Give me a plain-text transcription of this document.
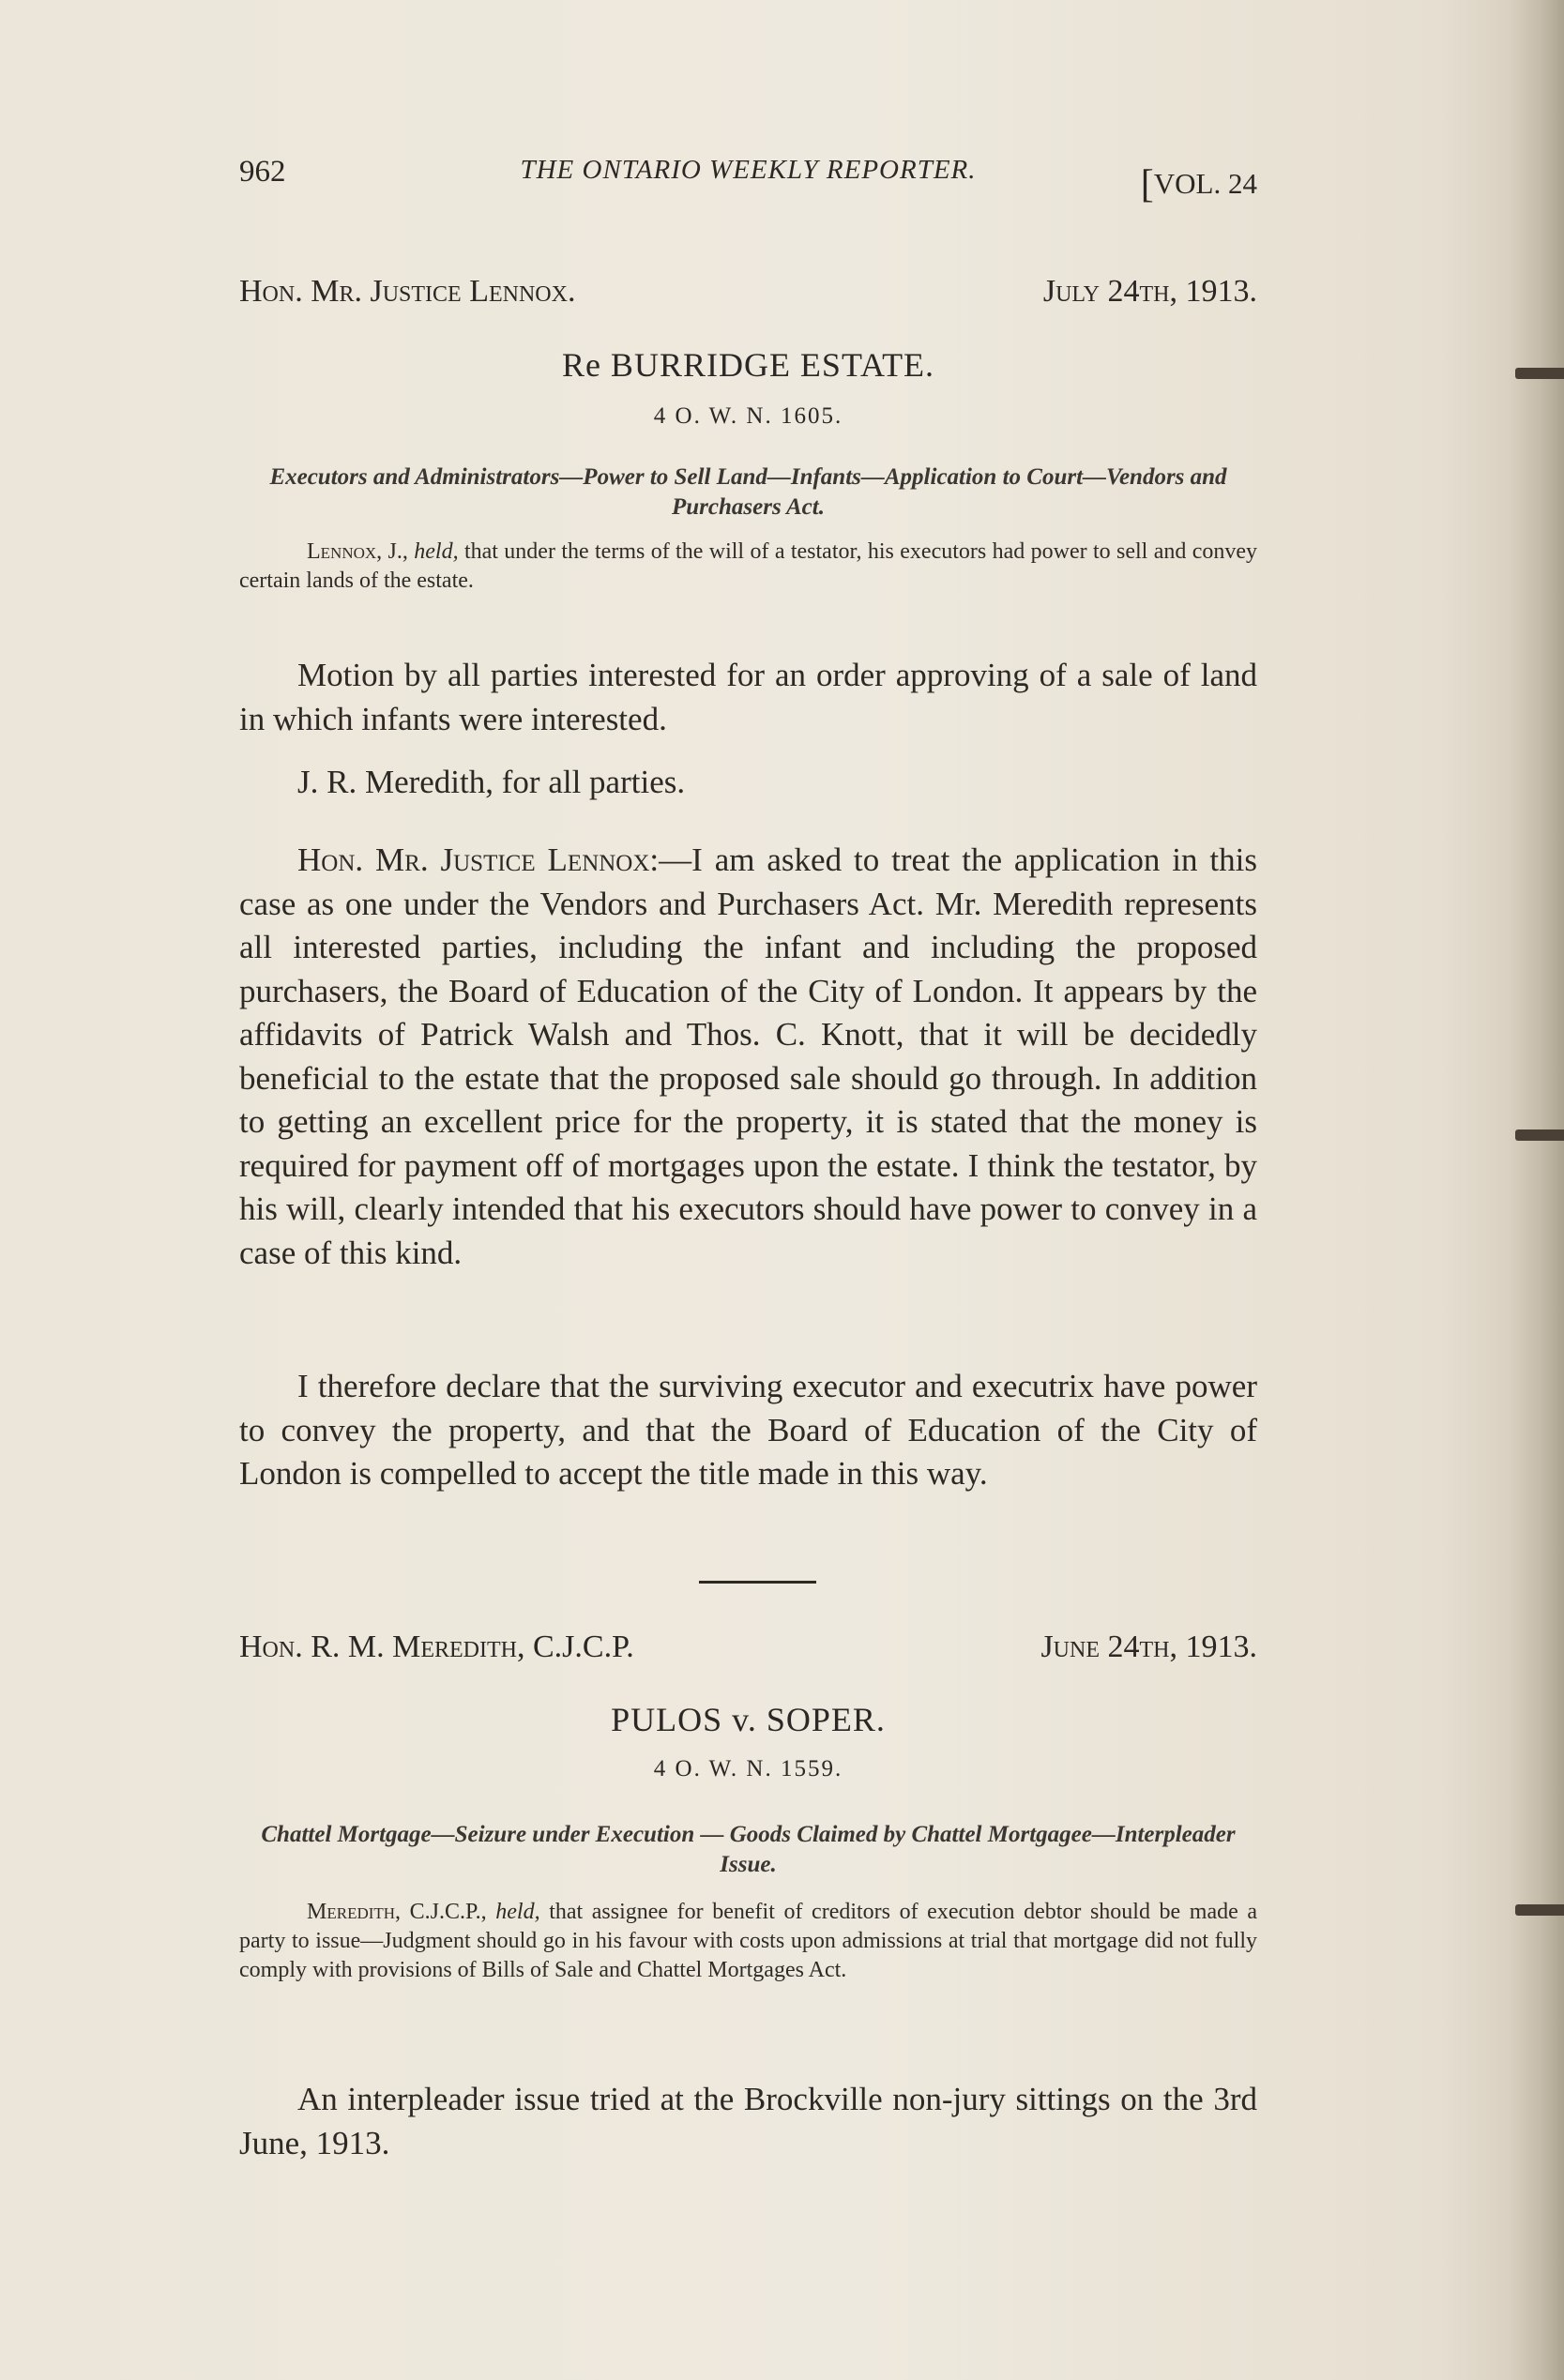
962	THE ONTARIO WEEKLY REPORTER.	[VOL. 24
Hon. Mr. Justice Lennox.	July 24th, 1913.
Re BURRIDGE ESTATE.
4 O. W. N. 1605.
Executors and Administrators—Power to Sell Land—Infants—Application to Court—Vendors and Purchasers Act.
Lennox, J., held, that under the terms of the will of a testator, his executors had power to sell and convey certain lands of the estate.
Motion by all parties interested for an order approving of a sale of land in which infants were interested.
J. R. Meredith, for all parties.
Hon. Mr. Justice Lennox:—I am asked to treat the application in this case as one under the Vendors and Purchasers Act. Mr. Meredith represents all interested parties, including the infant and including the proposed purchasers, the Board of Education of the City of London. It appears by the affidavits of Patrick Walsh and Thos. C. Knott, that it will be decidedly beneficial to the estate that the proposed sale should go through. In addition to getting an excellent price for the property, it is stated that the money is required for payment off of mortgages upon the estate. I think the testator, by his will, clearly intended that his executors should have power to convey in a case of this kind.
I therefore declare that the surviving executor and executrix have power to convey the property, and that the Board of Education of the City of London is compelled to accept the title made in this way.
Hon. R. M. Meredith, C.J.C.P.	June 24th, 1913.
PULOS v. SOPER.
4 O. W. N. 1559.
Chattel Mortgage—Seizure under Execution — Goods Claimed by Chattel Mortgagee—Interpleader Issue.
Meredith, C.J.C.P., held, that assignee for benefit of creditors of execution debtor should be made a party to issue—Judgment should go in his favour with costs upon admissions at trial that mortgage did not fully comply with provisions of Bills of Sale and Chattel Mortgages Act.
An interpleader issue tried at the Brockville non-jury sittings on the 3rd June, 1913.
